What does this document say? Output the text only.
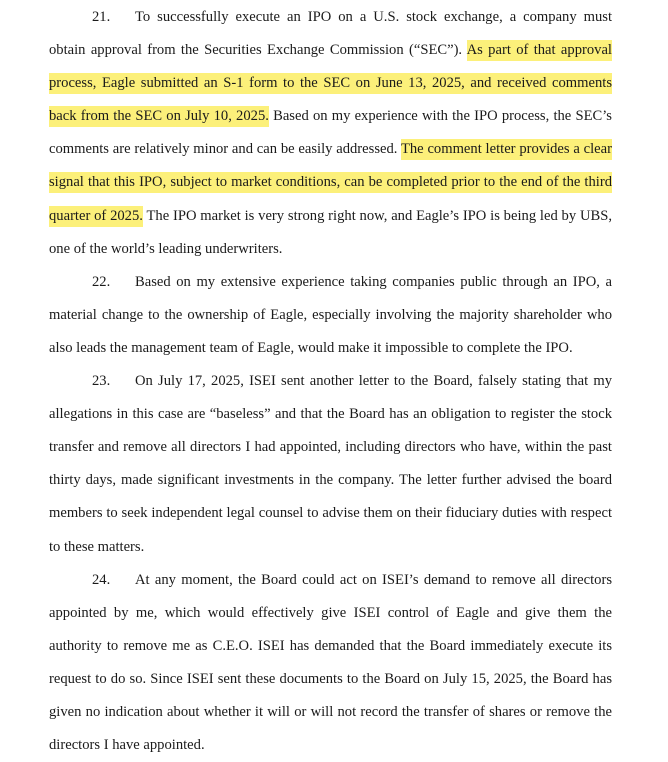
21. To successfully execute an IPO on a U.S. stock exchange, a company must obtain approval from the Securities Exchange Commission (“SEC”). As part of that approval process, Eagle submitted an S-1 form to the SEC on June 13, 2025, and received comments back from the SEC on July 10, 2025. Based on my experience with the IPO process, the SEC’s comments are relatively minor and can be easily addressed. The comment letter provides a clear signal that this IPO, subject to market conditions, can be completed prior to the end of the third quarter of 2025. The IPO market is very strong right now, and Eagle’s IPO is being led by UBS, one of the world’s leading underwriters.

22. Based on my extensive experience taking companies public through an IPO, a material change to the ownership of Eagle, especially involving the majority shareholder who also leads the management team of Eagle, would make it impossible to complete the IPO.

23. On July 17, 2025, ISEI sent another letter to the Board, falsely stating that my allegations in this case are “baseless” and that the Board has an obligation to register the stock transfer and remove all directors I had appointed, including directors who have, within the past thirty days, made significant investments in the company. The letter further advised the board members to seek independent legal counsel to advise them on their fiduciary duties with respect to these matters.

24. At any moment, the Board could act on ISEI’s demand to remove all directors appointed by me, which would effectively give ISEI control of Eagle and give them the authority to remove me as C.E.O. ISEI has demanded that the Board immediately execute its request to do so. Since ISEI sent these documents to the Board on July 15, 2025, the Board has given no indication about whether it will or will not record the transfer of shares or remove the directors I have appointed.
